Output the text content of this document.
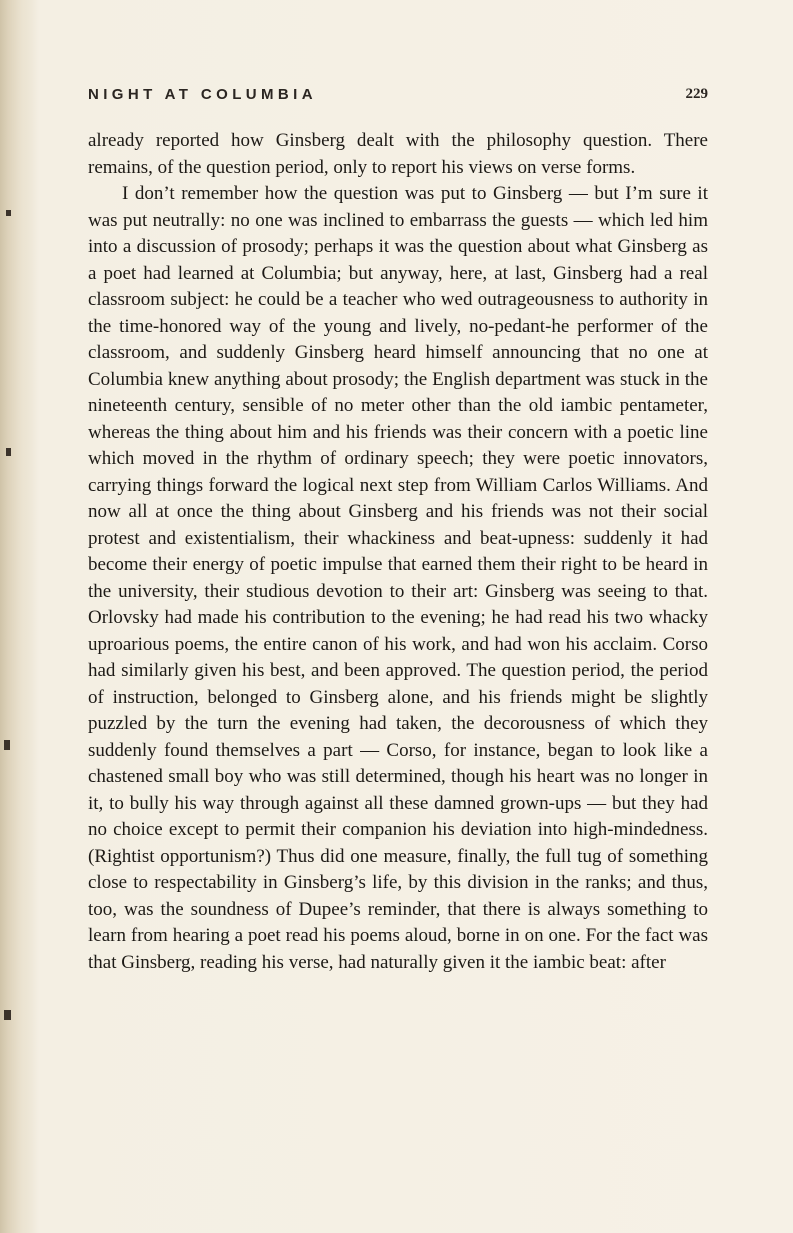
NIGHT AT COLUMBIA	229

already reported how Ginsberg dealt with the philosophy question. There remains, of the question period, only to report his views on verse forms.

I don’t remember how the question was put to Ginsberg — but I’m sure it was put neutrally: no one was inclined to embarrass the guests — which led him into a discussion of prosody; perhaps it was the question about what Ginsberg as a poet had learned at Columbia; but anyway, here, at last, Ginsberg had a real classroom subject: he could be a teacher who wed outrageousness to authority in the time-honored way of the young and lively, no-pedant-he performer of the classroom, and suddenly Ginsberg heard himself announcing that no one at Columbia knew anything about prosody; the English department was stuck in the nineteenth century, sensible of no meter other than the old iambic pentameter, whereas the thing about him and his friends was their concern with a poetic line which moved in the rhythm of ordinary speech; they were poetic innovators, carrying things forward the logical next step from William Carlos Williams. And now all at once the thing about Ginsberg and his friends was not their social protest and existentialism, their whackiness and beat-upness: suddenly it had become their energy of poetic impulse that earned them their right to be heard in the university, their studious devotion to their art: Ginsberg was seeing to that. Orlovsky had made his contribution to the evening; he had read his two whacky uproarious poems, the entire canon of his work, and had won his acclaim. Corso had similarly given his best, and been approved. The question period, the period of instruction, belonged to Ginsberg alone, and his friends might be slightly puzzled by the turn the evening had taken, the decorousness of which they suddenly found themselves a part — Corso, for instance, began to look like a chastened small boy who was still determined, though his heart was no longer in it, to bully his way through against all these damned grown-ups — but they had no choice except to permit their companion his deviation into high-mindedness. (Rightist opportunism?) Thus did one measure, finally, the full tug of something close to respectability in Ginsberg’s life, by this division in the ranks; and thus, too, was the soundness of Dupee’s reminder, that there is always something to learn from hearing a poet read his poems aloud, borne in on one. For the fact was that Ginsberg, reading his verse, had naturally given it the iambic beat: after
